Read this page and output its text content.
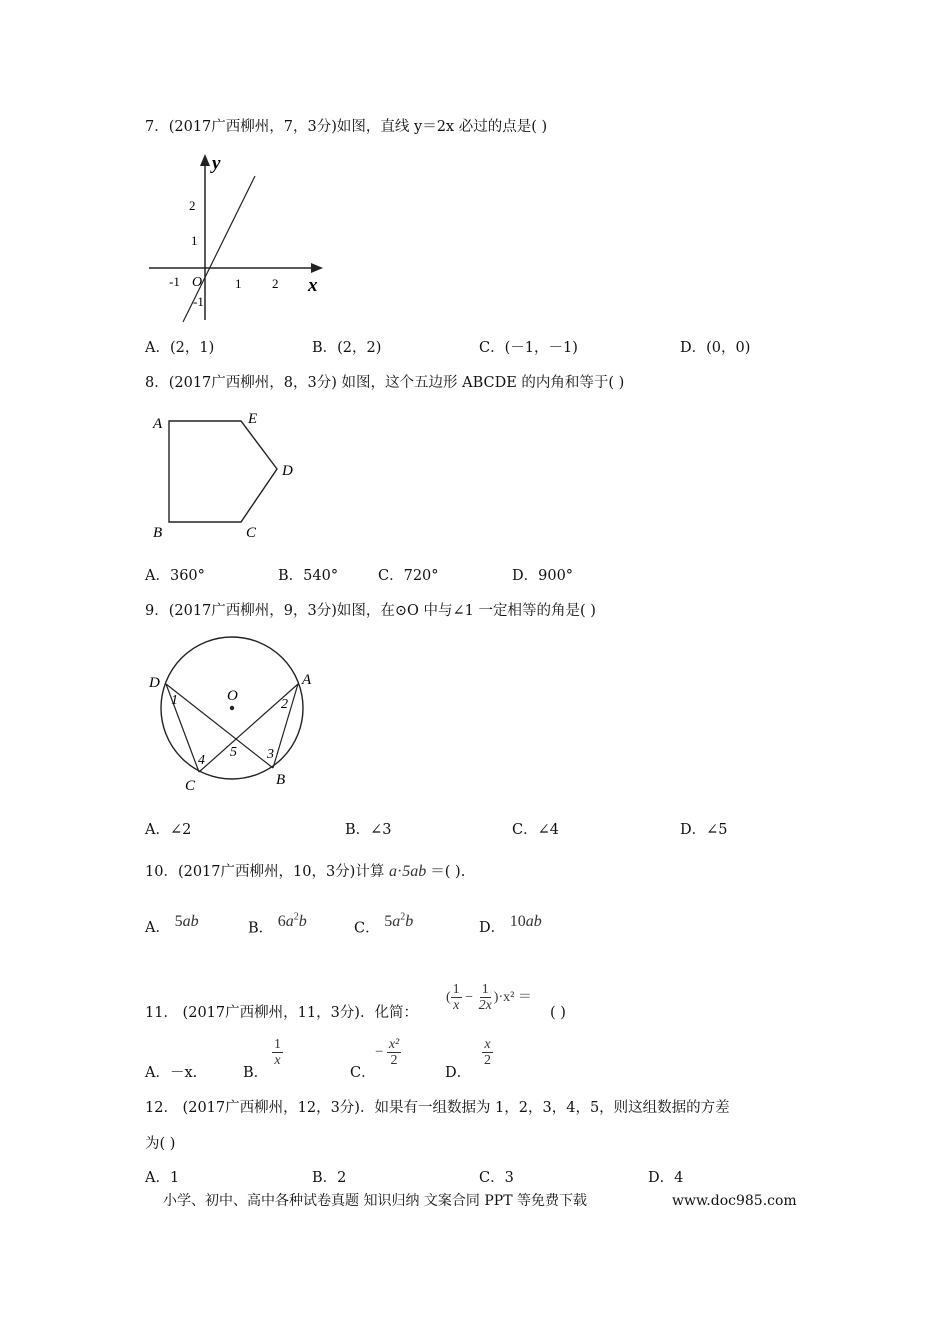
7．(2017广西柳州，7，3分)如图，直线 y＝2x 必过的点是( )
y
x
O
-1	1 2
2
1
-1
A．(2，1)	B．(2，2)	C．(－1，－1)	D．(0，0)
8．(2017广西柳州，8，3分) 如图，这个五边形 ABCDE 的内角和等于( )
A
B	C
D
E
A．360°	B．540°	C．720°	D．900°
9．(2017广西柳州，9，3分)如图，在⊙O 中与∠1 一定相等的角是( )
D	A
C	B
O
1	2
3
4
5
A．∠2	B．∠3	C．∠4	D．∠5
10．(2017广西柳州，10，3分)计算 a·5ab ＝( ).
A． 5ab	B． $6a^2b$	C． $5a^2b$	D． 10ab
11． (2017广西柳州，11，3分)．化简：
( $\frac{1}{x} - \frac{1}{2x} )\cdot x^2$ ＝
( )
A．－x.	B．
$\frac{1}{x}$
C．
− $\frac{\text{x²}}{2}$
D．
$\frac{x}{2}$
12． (2017广西柳州，12，3分)．如果有一组数据为 1，2，3，4，5，则这组数据的方差
为( )
A．1	B．2	C．3	D．4
小学、初中、高中各种试卷真题 知识归纳 文案合同 PPT 等免费下载	www.doc985.com
